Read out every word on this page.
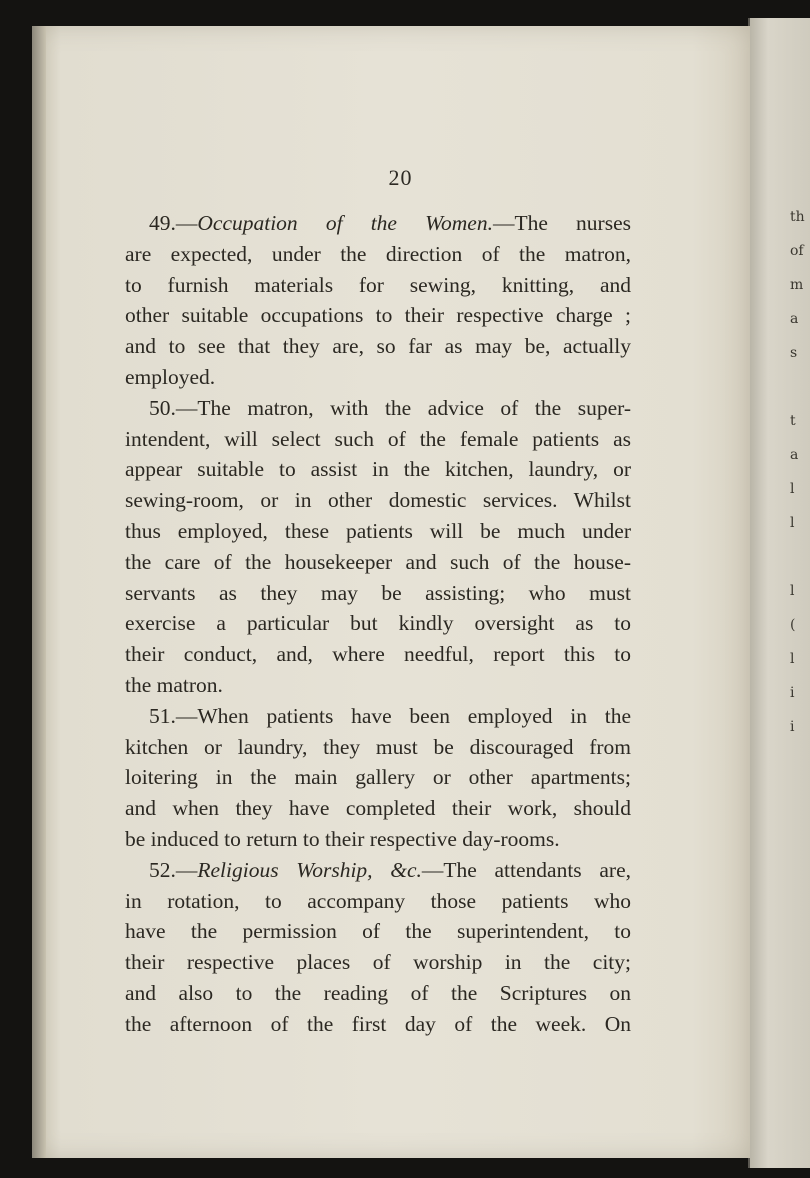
th
of
m
a
s

t
a
l
l

l
(
l
i
i
20
49.—Occupation of the Women.—The nurses
are expected, under the direction of the matron,
to furnish materials for sewing, knitting, and
other suitable occupations to their respective charge ;
and to see that they are, so far as may be, actually
employed.
50.—The matron, with the advice of the super-
intendent, will select such of the female patients as
appear suitable to assist in the kitchen, laundry, or
sewing-room, or in other domestic services. Whilst
thus employed, these patients will be much under
the care of the housekeeper and such of the house-
servants as they may be assisting; who must
exercise a particular but kindly oversight as to
their conduct, and, where needful, report this to
the matron.
51.—When patients have been employed in the
kitchen or laundry, they must be discouraged from
loitering in the main gallery or other apartments;
and when they have completed their work, should
be induced to return to their respective day-rooms.
52.—Religious Worship, &c.—The attendants are,
in rotation, to accompany those patients who
have the permission of the superintendent, to
their respective places of worship in the city;
and also to the reading of the Scriptures on
the afternoon of the first day of the week. On
